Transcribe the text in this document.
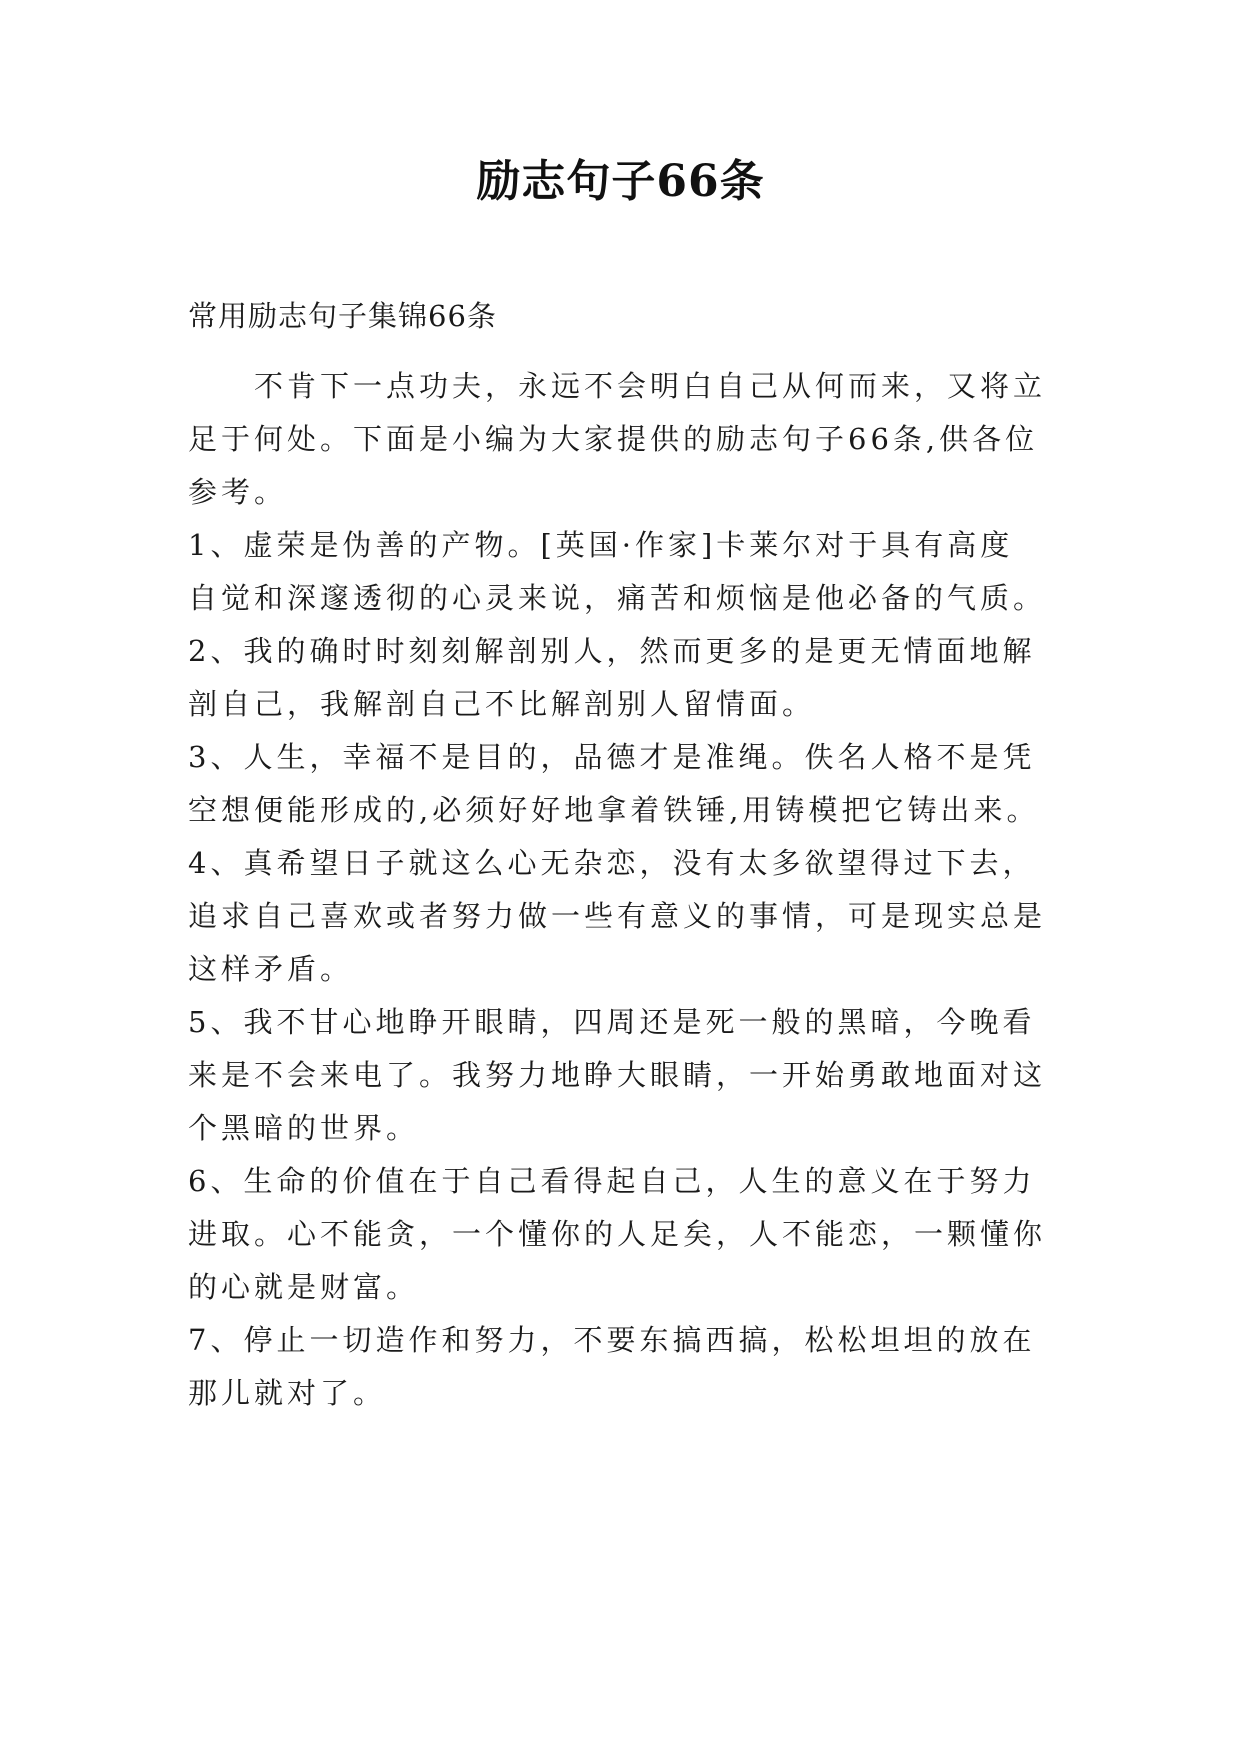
励志句子66条

常用励志句子集锦66条

　　不肯下一点功夫，永远不会明白自己从何而来，又将立

足于何处。下面是小编为大家提供的励志句子66条,供各位

参考。

1、虚荣是伪善的产物。[英国·作家]卡莱尔对于具有高度

自觉和深邃透彻的心灵来说，痛苦和烦恼是他必备的气质。

2、我的确时时刻刻解剖别人，然而更多的是更无情面地解

剖自己，我解剖自己不比解剖别人留情面。

3、人生，幸福不是目的，品德才是准绳。佚名人格不是凭

空想便能形成的,必须好好地拿着铁锤,用铸模把它铸出来。

4、真希望日子就这么心无杂恋，没有太多欲望得过下去，

追求自己喜欢或者努力做一些有意义的事情，可是现实总是

这样矛盾。

5、我不甘心地睁开眼睛，四周还是死一般的黑暗，今晚看

来是不会来电了。我努力地睁大眼睛，一开始勇敢地面对这

个黑暗的世界。

6、生命的价值在于自己看得起自己，人生的意义在于努力

进取。心不能贪，一个懂你的人足矣，人不能恋，一颗懂你

的心就是财富。

7、停止一切造作和努力，不要东搞西搞，松松坦坦的放在

那儿就对了。
